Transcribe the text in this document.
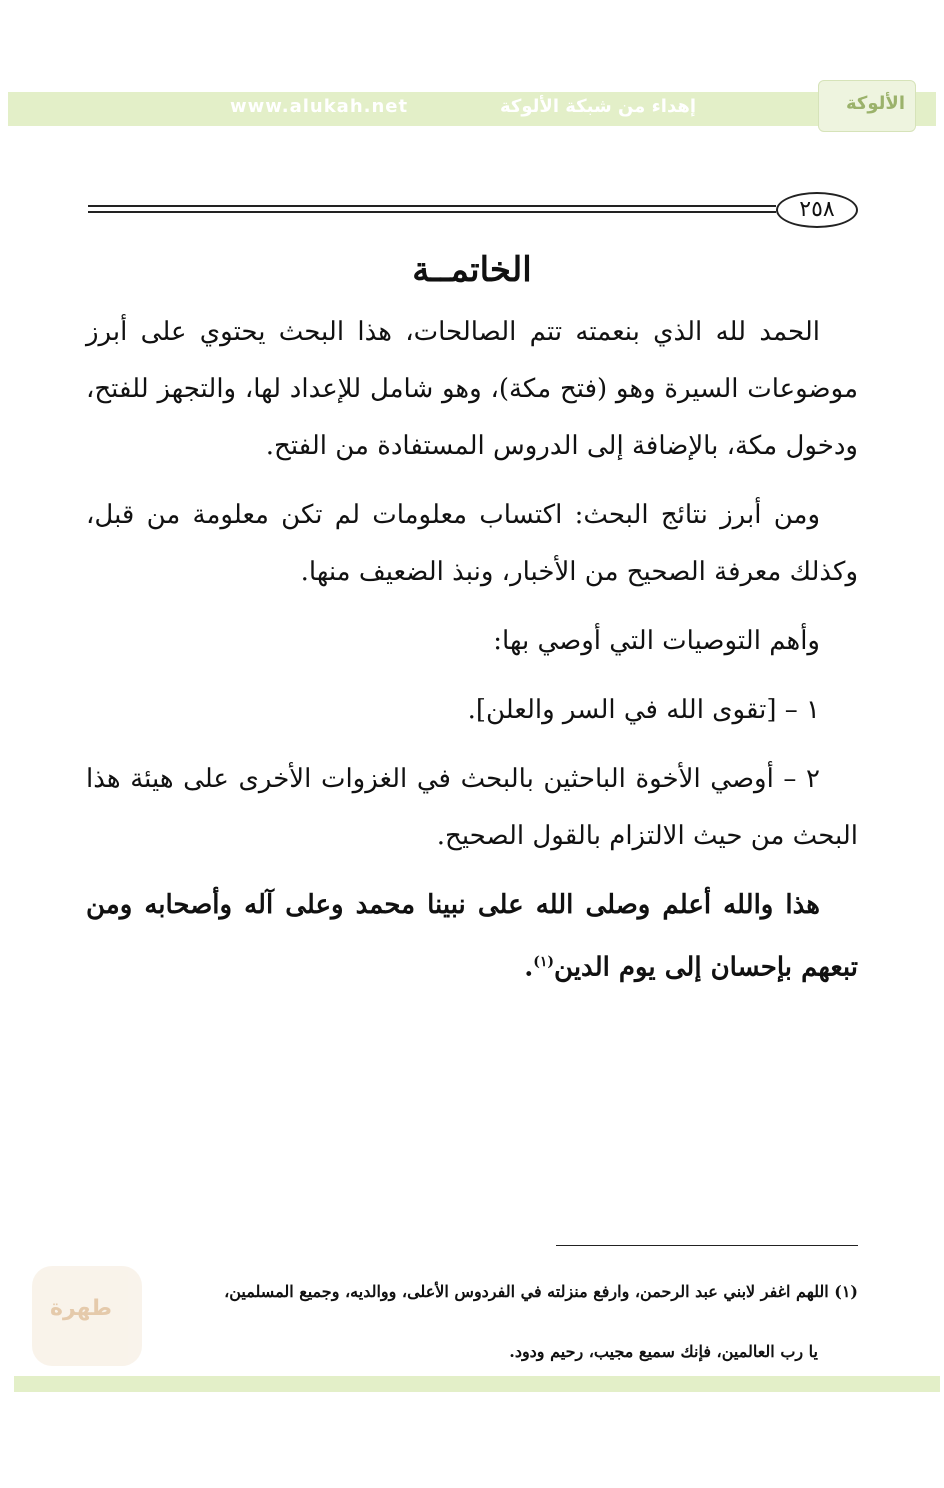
www.alukah.net	إهداء من شبكة الألوكة	الألوكة
٢٥٨
الخاتمــة

الحمد لله الذي بنعمته تتم الصالحات، هذا البحث يحتوي على أبرز موضوعات السيرة وهو (فتح مكة)، وهو شامل للإعداد لها، والتجهز للفتح، ودخول مكة، بالإضافة إلى الدروس المستفادة من الفتح.

ومن أبرز نتائج البحث: اكتساب معلومات لم تكن معلومة من قبل، وكذلك معرفة الصحيح من الأخبار، ونبذ الضعيف منها.

وأهم التوصيات التي أوصي بها:

١ – [تقوى الله في السر والعلن].

٢ – أوصي الأخوة الباحثين بالبحث في الغزوات الأخرى على هيئة هذا البحث من حيث الالتزام بالقول الصحيح.

هذا والله أعلم وصلى الله على نبينا محمد وعلى آله وأصحابه ومن تبعهم بإحسان إلى يوم الدين$^{(١)}$.

(١) اللهم اغفر لابني عبد الرحمن، وارفع منزلته في الفردوس الأعلى، ووالديه، وجميع المسلمين،
يا رب العالمين، فإنك سميع مجيب، رحيم ودود.
طهرة
